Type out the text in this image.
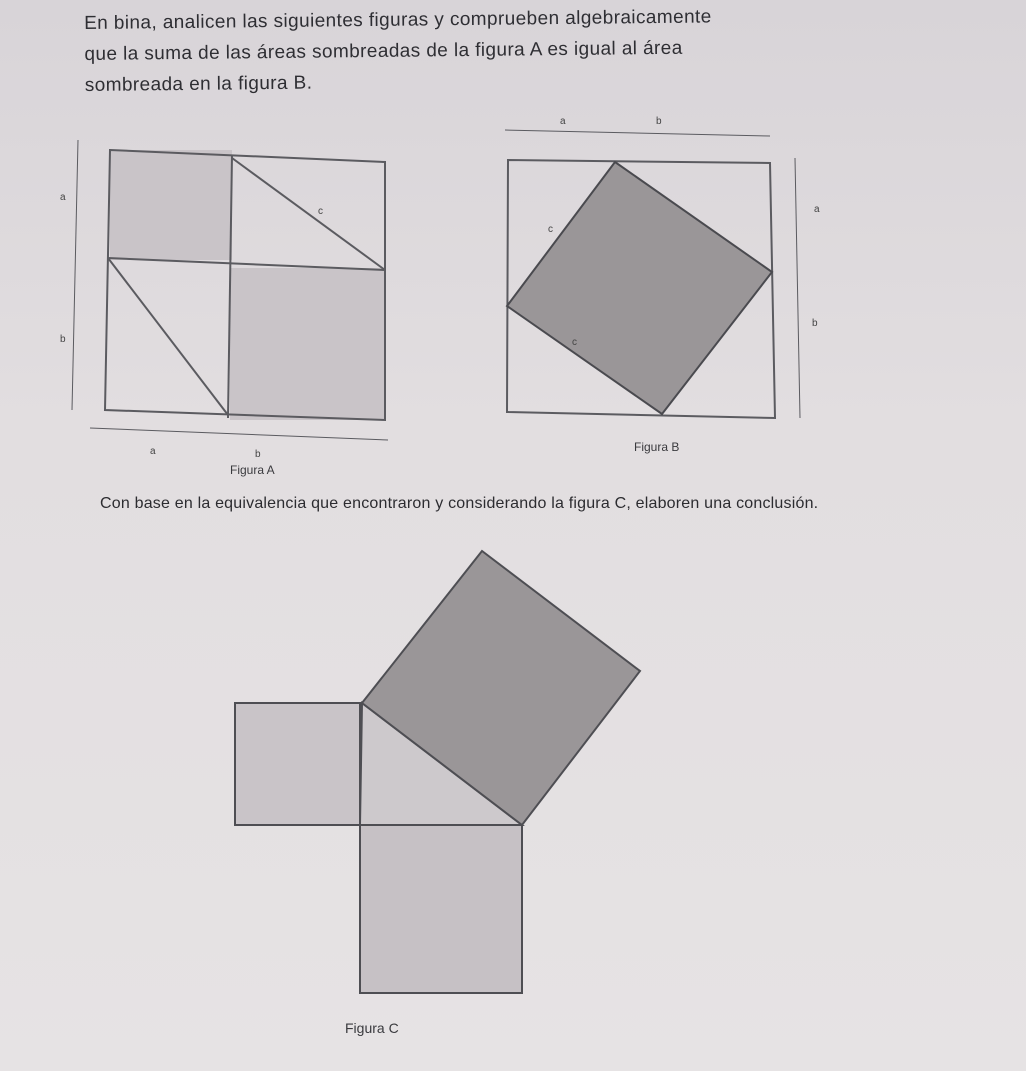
En bina, analicen las siguientes figuras y comprueben algebraicamente
que la suma de las áreas sombreadas de la figura A es igual al área
sombreada en la figura B.
a
b
a	b
c
a	b
a
b
c
c
Figura A
Figura B
Con base en la equivalencia que encontraron y considerando la figura C, elaboren una conclusión.
Figura C
